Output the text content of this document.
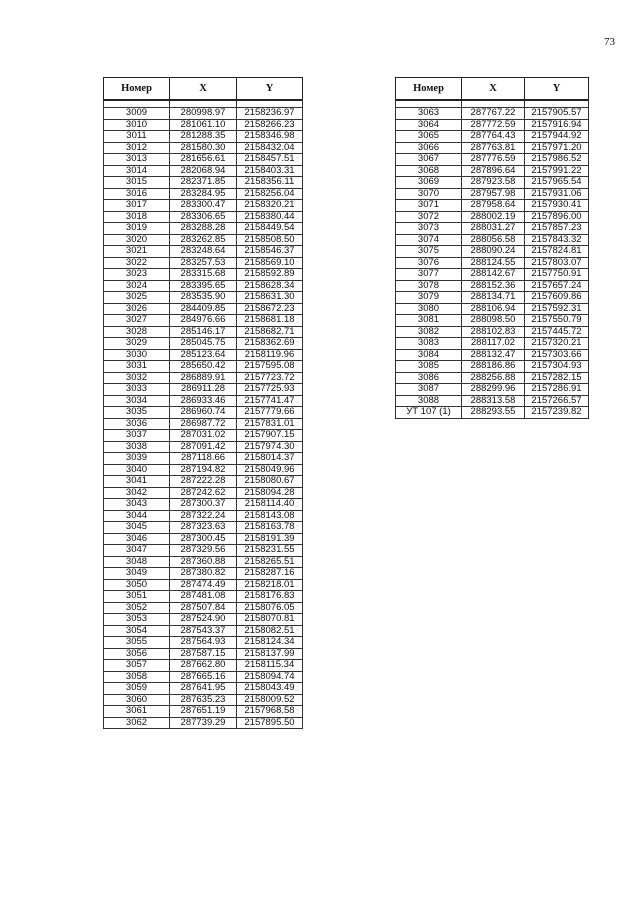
73
Номер	X	Y

3009	280998.97	2158236.97
3010	281061.10	2158266.23
3011	281288.35	2158346.98
3012	281580.30	2158432.04
3013	281656.61	2158457.51
3014	282068.94	2158403.31
3015	282371.85	2158356.11
3016	283284.95	2158256.04
3017	283300.47	2158320.21
3018	283306.65	2158380.44
3019	283288.28	2158449.54
3020	283262.85	2158508.50
3021	283248.64	2158546.37
3022	283257.53	2158569.10
3023	283315.68	2158592.89
3024	283395.65	2158628.34
3025	283535.90	2158631.30
3026	284409.85	2158672.23
3027	284976.66	2158681.18
3028	285146.17	2158682.71
3029	285045.75	2158362.69
3030	285123.64	2158119.96
3031	285650.42	2157595.08
3032	286889.91	2157723.72
3033	286911.28	2157725.93
3034	286933.46	2157741.47
3035	286960.74	2157779.66
3036	286987.72	2157831.01
3037	287031.02	2157907.15
3038	287091.42	2157974.30
3039	287118.66	2158014.37
3040	287194.82	2158049.96
3041	287222.28	2158080.67
3042	287242.62	2158094.28
3043	287300.37	2158114.40
3044	287322.24	2158143.08
3045	287323.63	2158163.78
3046	287300.45	2158191.39
3047	287329.56	2158231.55
3048	287360.88	2158265.51
3049	287380.82	2158287.16
3050	287474.49	2158218.01
3051	287481.08	2158176.83
3052	287507.84	2158076.05
3053	287524.90	2158070.81
3054	287543.37	2158082.51
3055	287564.93	2158124.34
3056	287587.15	2158137.99
3057	287662.80	2158115.34
3058	287665.16	2158094.74
3059	287641.95	2158043.49
3060	287635.23	2158009.52
3061	287651.19	2157968.58
3062	287739.29	2157895.50
Номер	X	Y

3063	287767.22	2157905.57
3064	287772.59	2157916.94
3065	287764.43	2157944.92
3066	287763.81	2157971.20
3067	287776.59	2157986.52
3068	287896.64	2157991.22
3069	287923.58	2157965.54
3070	287957.98	2157931.06
3071	287958.64	2157930.41
3072	288002.19	2157896.00
3073	288031.27	2157857.23
3074	288056.58	2157843.32
3075	288090.24	2157824.81
3076	288124.55	2157803.07
3077	288142.67	2157750.91
3078	288152.36	2157657.24
3079	288134.71	2157609.86
3080	288106.94	2157592.31
3081	288098.50	2157550.79
3082	288102.83	2157445.72
3083	288117.02	2157320.21
3084	288132.47	2157303.66
3085	288186.86	2157304.93
3086	288256.88	2157282.15
3087	288299.96	2157286.91
3088	288313.58	2157266.57
УТ 107 (1)	288293.55	2157239.82
